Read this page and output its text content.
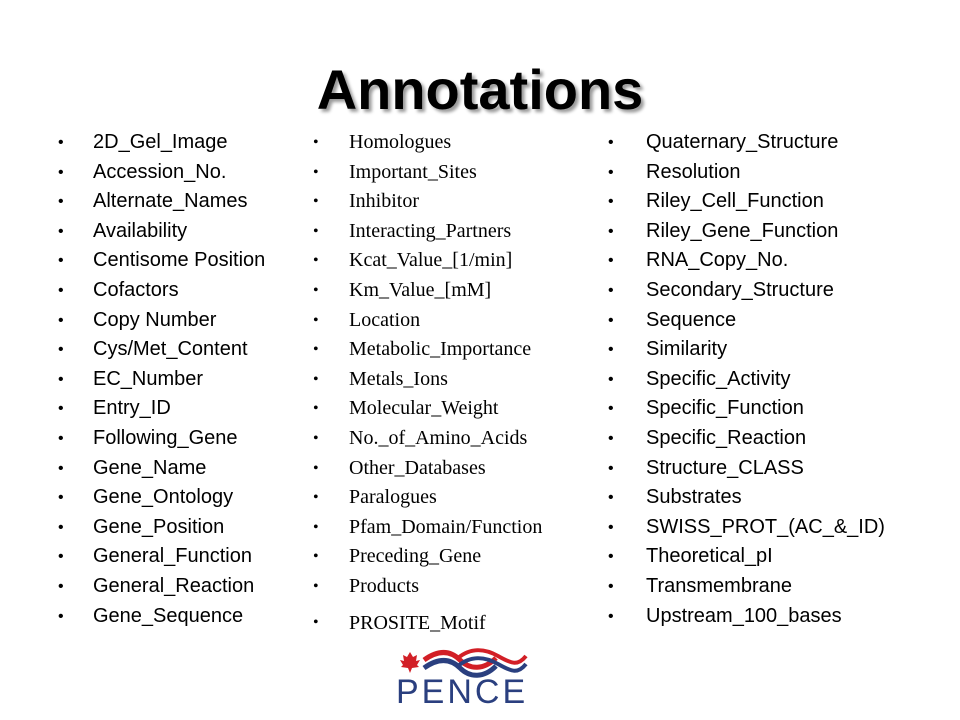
Annotations
• 2D_Gel_Image
• Accession_No.
• Alternate_Names
• Availability
• Centisome Position
• Cofactors
• Copy Number
• Cys/Met_Content
• EC_Number
• Entry_ID
• Following_Gene
• Gene_Name
• Gene_Ontology
• Gene_Position
• General_Function
• General_Reaction
• Gene_Sequence
• Homologues
• Important_Sites
• Inhibitor
• Interacting_Partners
• Kcat_Value_[1/min]
• Km_Value_[mM]
• Location
• Metabolic_Importance
• Metals_Ions
• Molecular_Weight
• No._of_Amino_Acids
• Other_Databases
• Paralogues
• Pfam_Domain/Function
• Preceding_Gene
• Products
• PROSITE_Motif
• Quaternary_Structure
• Resolution
• Riley_Cell_Function
• Riley_Gene_Function
• RNA_Copy_No.
• Secondary_Structure
• Sequence
• Similarity
• Specific_Activity
• Specific_Function
• Specific_Reaction
• Structure_CLASS
• Substrates
• SWISS_PROT_(AC_&_ID)
• Theoretical_pI
• Transmembrane
• Upstream_100_bases
PENCE
